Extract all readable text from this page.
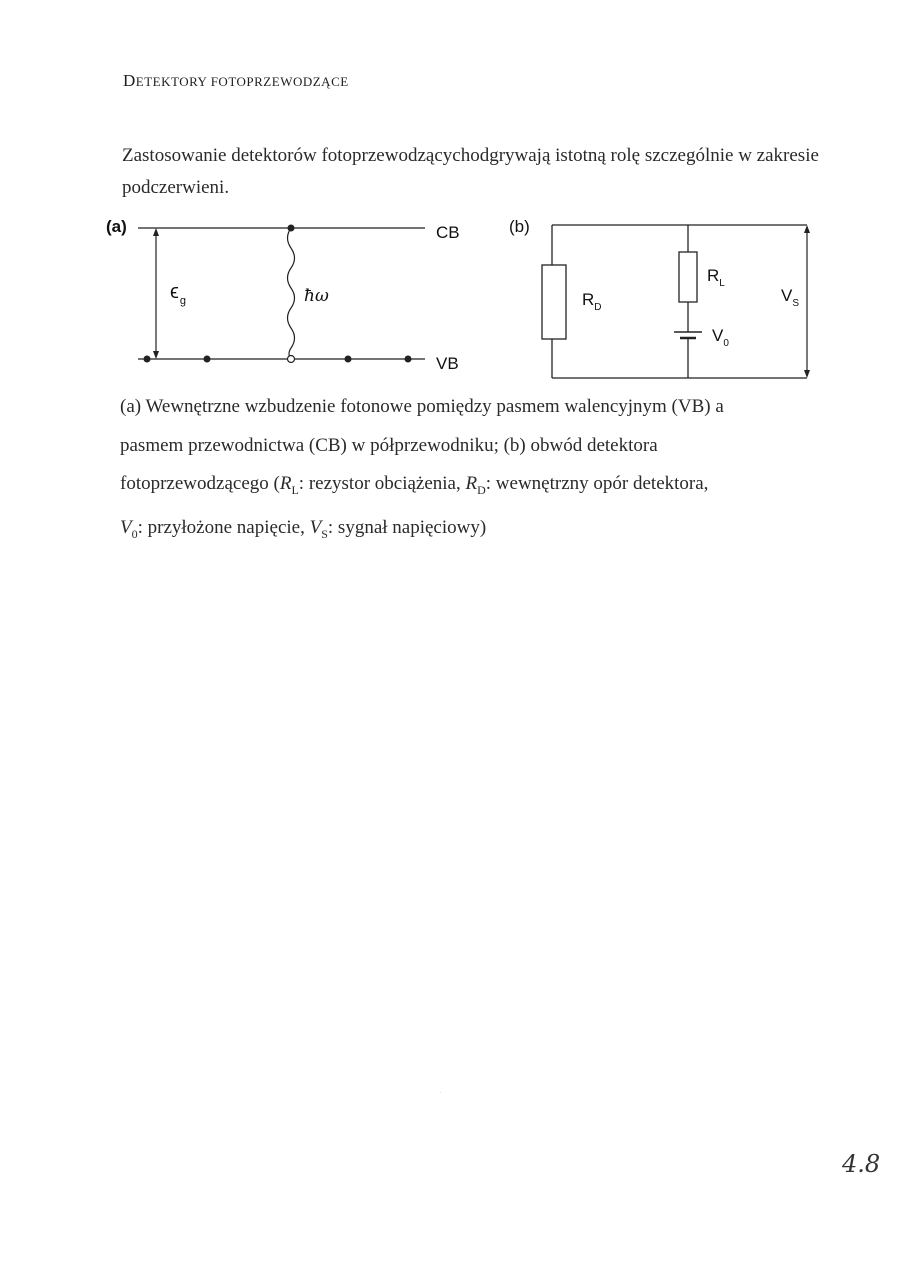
DETEKTORY FOTOPRZEWODZĄCE
Zastosowanie detektorów fotoprzewodzącychodgrywają istotną rolę szczególnie w zakresie podczerwieni.
(a)	CB
VB
$\epsilon_g$	ħω
(b)
$R_D$
$R_L$
$V_0$
$V_S$
(a) Wewnętrzne wzbudzenie fotonowe pomiędzy pasmem walencyjnym (VB) a
pasmem przewodnictwa (CB) w półprzewodniku; (b) obwód detektora
fotoprzewodzącego ($R_L$: rezystor obciążenia, $R_D$: wewnętrzny opór detektora,
$V_0$: przyłożone napięcie, $V_S$: sygnał napięciowy)
4.8
